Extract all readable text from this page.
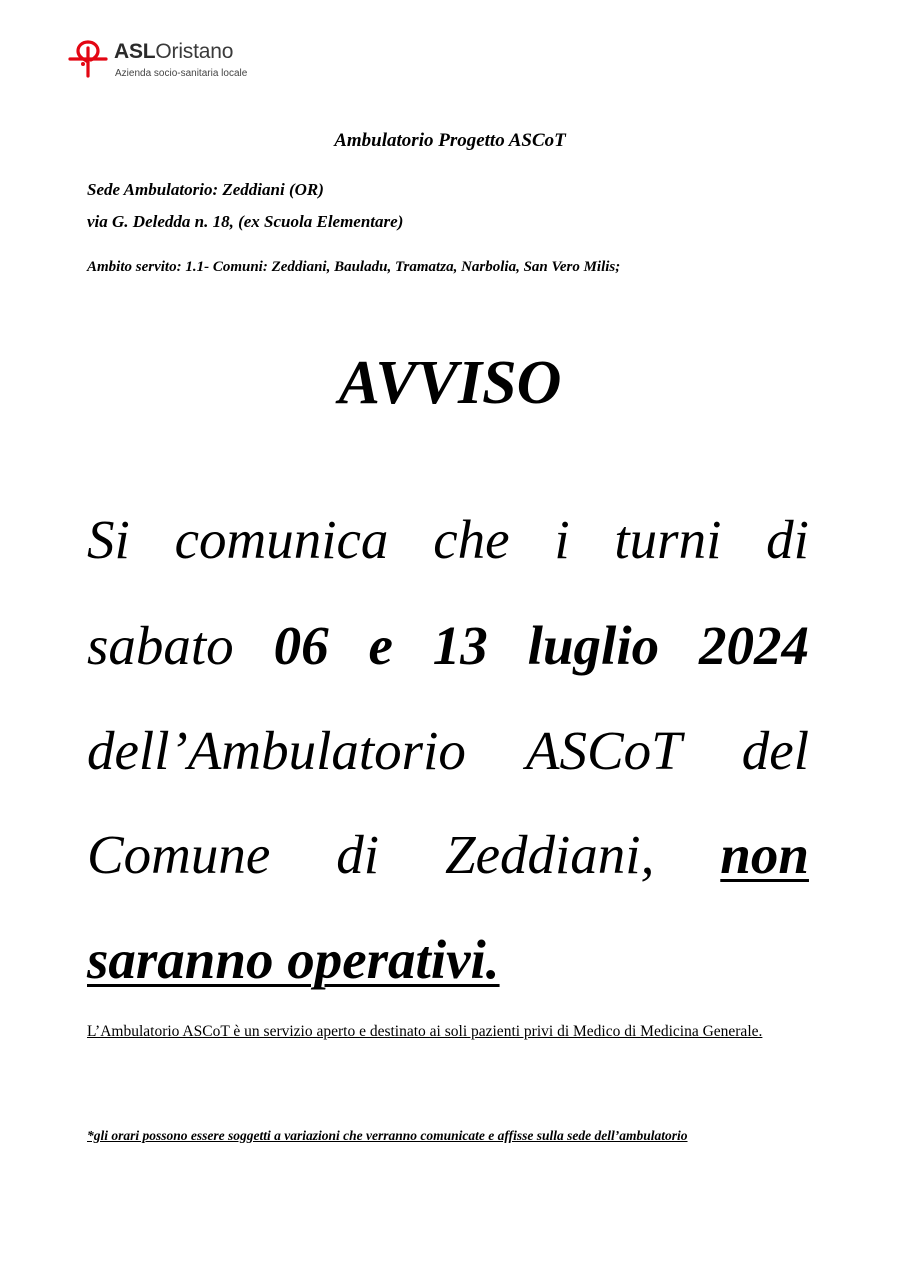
ASLOristano
Azienda socio-sanitaria locale
Ambulatorio Progetto ASCoT
Sede Ambulatorio: Zeddiani (OR)
via G. Deledda n. 18, (ex Scuola Elementare)
Ambito servito: 1.1- Comuni: Zeddiani, Bauladu, Tramatza, Narbolia, San Vero Milis;
AVVISO
Si comunica che i turni di
sabato 06 e 13 luglio 2024
dell’Ambulatorio ASCoT del
Comune di Zeddiani, non
saranno operativi.
L’Ambulatorio ASCoT è un servizio aperto e destinato ai soli pazienti privi di Medico di Medicina Generale.
*gli orari possono essere soggetti a variazioni che verranno comunicate e affisse sulla sede dell’ambulatorio
